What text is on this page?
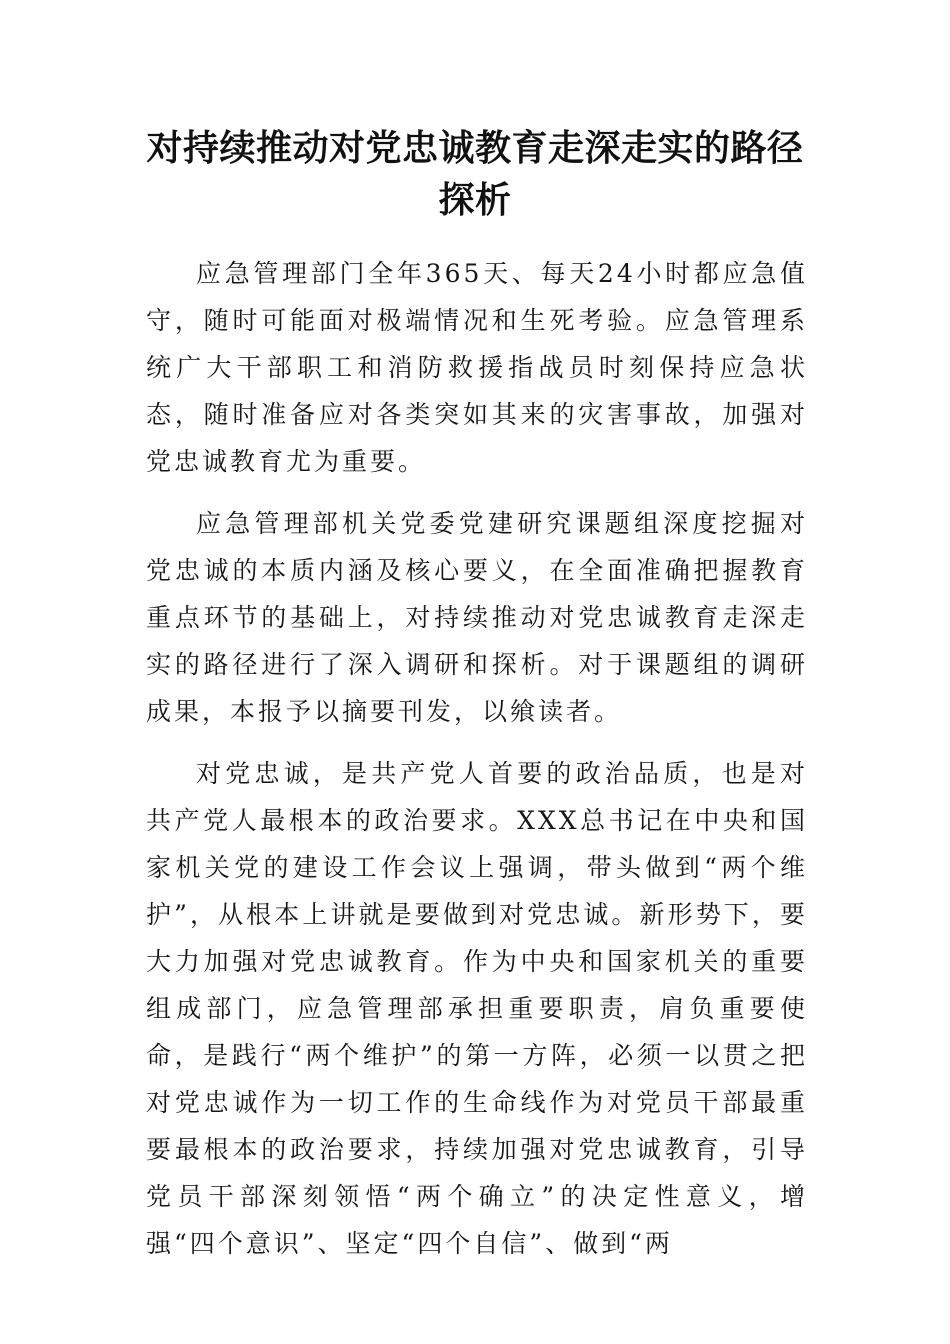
对持续推动对党忠诚教育走深走实的路径探析

应急管理部门全年365天、每天24小时都应急值守，随时可能面对极端情况和生死考验。应急管理系统广大干部职工和消防救援指战员时刻保持应急状态，随时准备应对各类突如其来的灾害事故，加强对党忠诚教育尤为重要。

应急管理部机关党委党建研究课题组深度挖掘对党忠诚的本质内涵及核心要义，在全面准确把握教育重点环节的基础上，对持续推动对党忠诚教育走深走实的路径进行了深入调研和探析。对于课题组的调研成果，本报予以摘要刊发，以飨读者。

对党忠诚，是共产党人首要的政治品质，也是对共产党人最根本的政治要求。XXX总书记在中央和国家机关党的建设工作会议上强调，带头做到“两个维护”，从根本上讲就是要做到对党忠诚。新形势下，要大力加强对党忠诚教育。作为中央和国家机关的重要组成部门，应急管理部承担重要职责，肩负重要使命，是践行“两个维护”的第一方阵，必须一以贯之把对党忠诚作为一切工作的生命线作为对党员干部最重要最根本的政治要求，持续加强对党忠诚教育，引导党员干部深刻领悟“两个确立”的决定性意义，增强“四个意识”、坚定“四个自信”、做到“两
